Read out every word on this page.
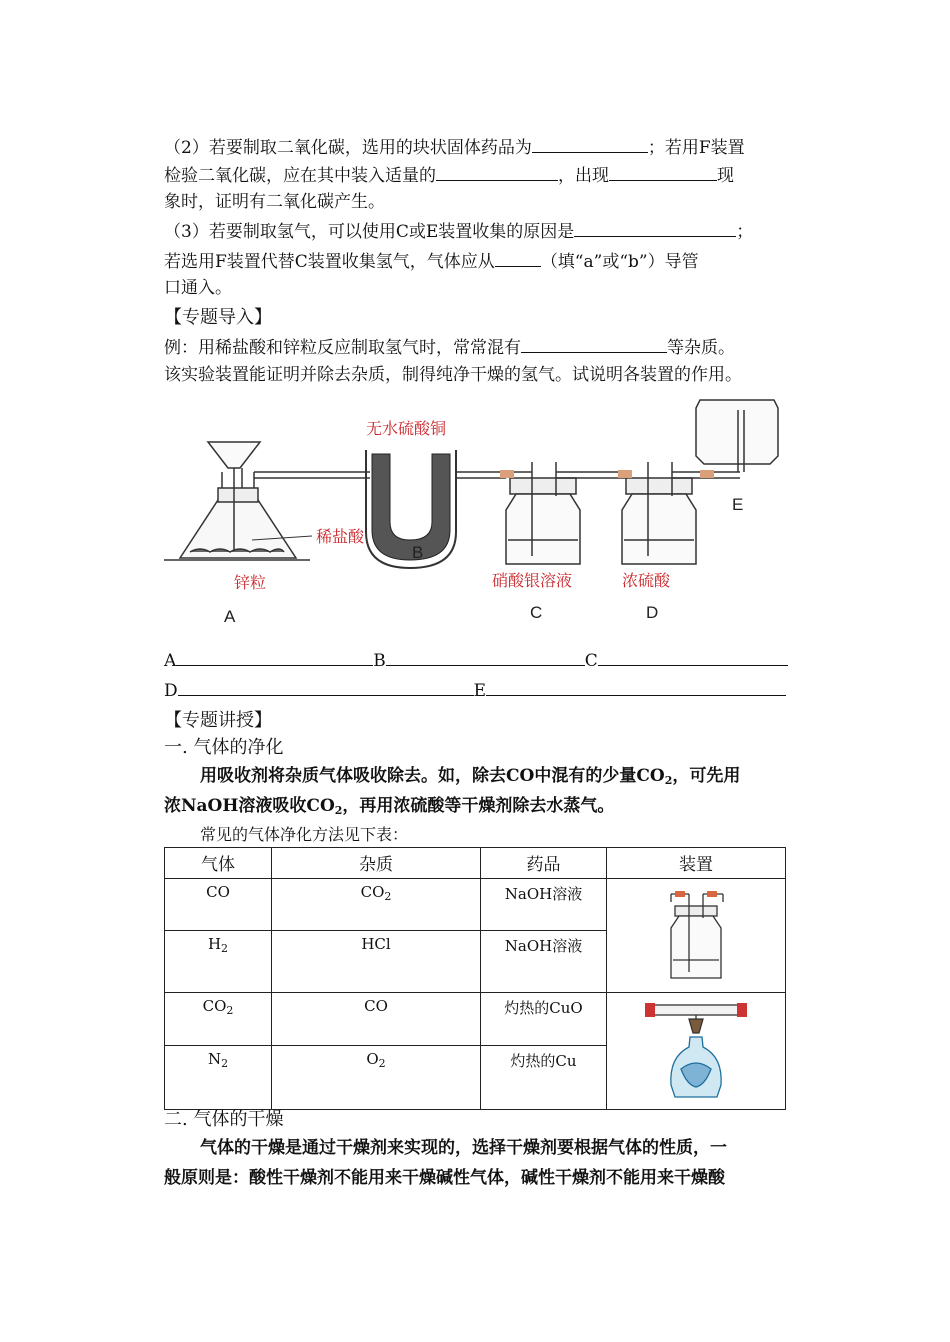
（2）若要制取二氧化碳，选用的块状固体药品为	；若用F装置
检验二氧化碳，应在其中装入适量的	，出现	现
象时，证明有二氧化碳产生。
（3）若要制取氢气，可以使用C或E装置收集的原因是	；
若选用F装置代替C装置收集氢气，气体应从	（填“a”或“b”）导管
口通入。
【专题导入】
例：用稀盐酸和锌粒反应制取氢气时，常常混有	等杂质。
该实验装置能证明并除去杂质，制得纯净干燥的氢气。试说明各装置的作用。
稀盐酸
锌粒
A
无水硫酸铜
B
硝酸银溶液
C
浓硫酸
D
E
A	B	C
D	E
【专题讲授】
一. 气体的净化
用吸收剂将杂质气体吸收除去。如，除去CO中混有的少量$CO_2$，可先用
浓NaOH溶液吸收$CO_2$，再用浓硫酸等干燥剂除去水蒸气。
常见的气体净化方法见下表：
气体	杂质	药品	装置
CO	$CO_2$	NaOH溶液	
$H_2$	HCl	NaOH溶液	
$CO_2$	CO	灼热的CuO	
$N_2$	$O_2$	灼热的Cu	
二. 气体的干燥
气体的干燥是通过干燥剂来实现的，选择干燥剂要根据气体的性质，一
般原则是：酸性干燥剂不能用来干燥碱性气体，碱性干燥剂不能用来干燥酸
